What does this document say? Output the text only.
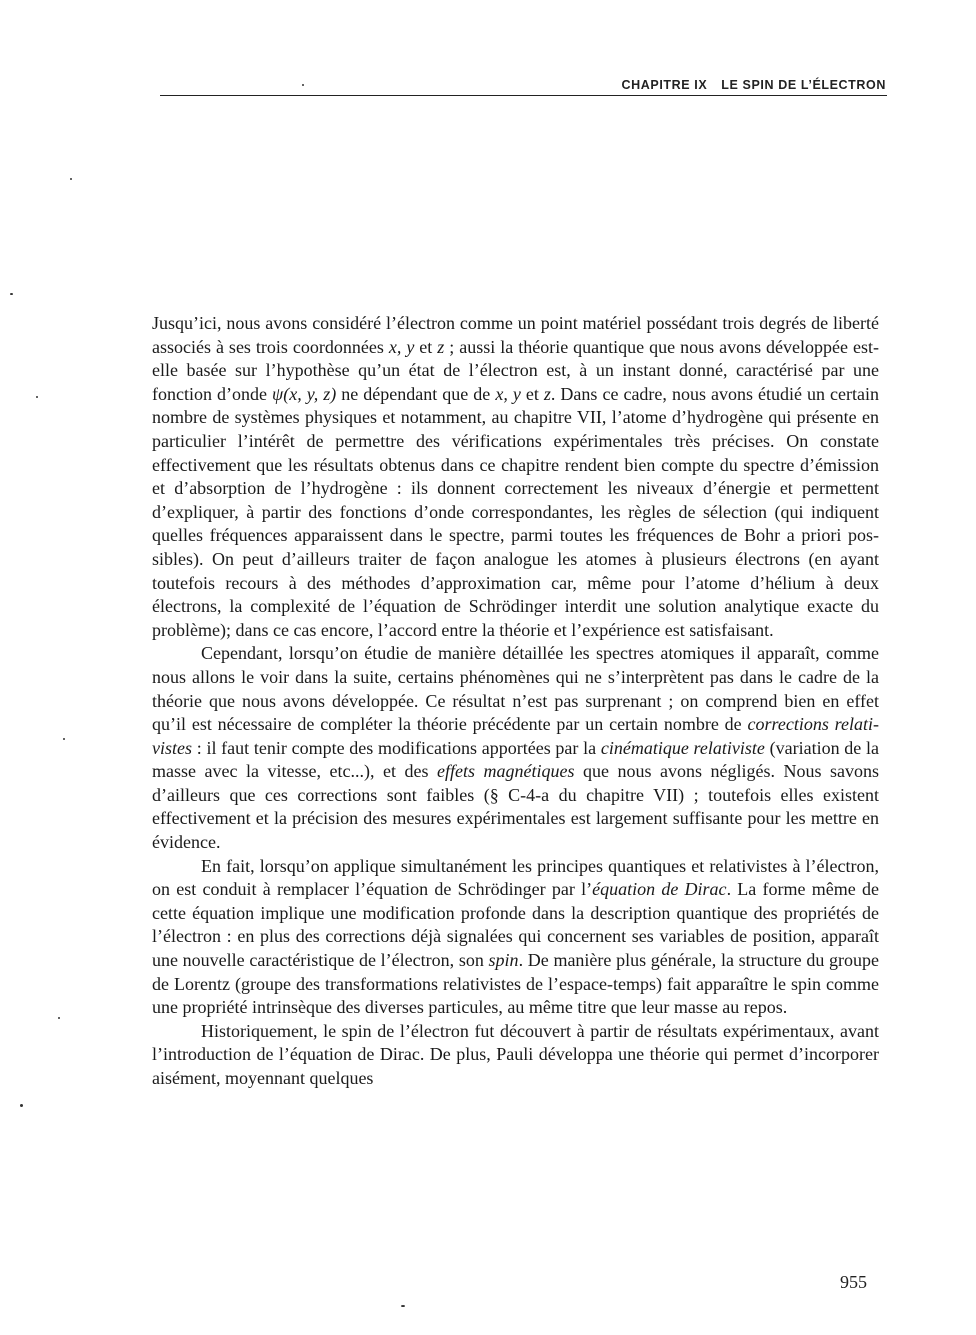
CHAPITRE IX LE SPIN DE L’ÉLECTRON

Jusqu’ici, nous avons considéré l’électron comme un point matériel possédant trois degrés de liberté associés à ses trois coordonnées x, y et z ; aussi la théorie quantique que nous avons développée est-elle basée sur l’hypothèse qu’un état de l’électron est, à un instant donné, caractérisé par une fonction d’onde ψ(x, y, z) ne dépendant que de x, y et z. Dans ce cadre, nous avons étudié un certain nombre de systèmes physiques et notamment, au chapitre VII, l’atome d’hydrogène qui présente en particulier l’intérêt de permettre des vérifications expérimentales très précises. On constate effectivement que les résultats obtenus dans ce chapitre rendent bien compte du spectre d’émission et d’absorption de l’hydrogène : ils donnent correctement les niveaux d’énergie et permettent d’expliquer, à partir des fonctions d’onde correspondantes, les règles de sélection (qui indiquent quelles fréquences apparaissent dans le spectre, parmi toutes les fréquences de Bohr a priori possibles). On peut d’ailleurs traiter de façon analogue les atomes à plusieurs électrons (en ayant toutefois recours à des méthodes d’approximation car, même pour l’atome d’hélium à deux électrons, la complexité de l’équation de Schrödinger interdit une solution analytique exacte du problème); dans ce cas encore, l’accord entre la théorie et l’expérience est satisfaisant.

Cependant, lorsqu’on étudie de manière détaillée les spectres atomiques il apparaît, comme nous allons le voir dans la suite, certains phénomènes qui ne s’interprètent pas dans le cadre de la théorie que nous avons développée. Ce résultat n’est pas surprenant ; on comprend bien en effet qu’il est nécessaire de compléter la théorie précédente par un certain nombre de corrections relativistes : il faut tenir compte des modifications apportées par la cinématique relativiste (variation de la masse avec la vitesse, etc...), et des effets magnétiques que nous avons négligés. Nous savons d’ailleurs que ces corrections sont faibles (§ C-4-a du chapitre VII) ; toutefois elles existent effectivement et la précision des mesures expérimentales est largement suffisante pour les mettre en évidence.

En fait, lorsqu’on applique simultanément les principes quantiques et relativistes à l’électron, on est conduit à remplacer l’équation de Schrödinger par l’équation de Dirac. La forme même de cette équation implique une modification profonde dans la description quantique des propriétés de l’électron : en plus des corrections déjà signalées qui concernent ses variables de position, apparaît une nouvelle caractéristique de l’électron, son spin. De manière plus générale, la structure du groupe de Lorentz (groupe des transformations relativistes de l’espace-temps) fait apparaître le spin comme une propriété intrinsèque des diverses particules, au même titre que leur masse au repos.

Historiquement, le spin de l’électron fut découvert à partir de résultats expérimentaux, avant l’introduction de l’équation de Dirac. De plus, Pauli développa une théorie qui permet d’incorporer aisément, moyennant quelques

955
